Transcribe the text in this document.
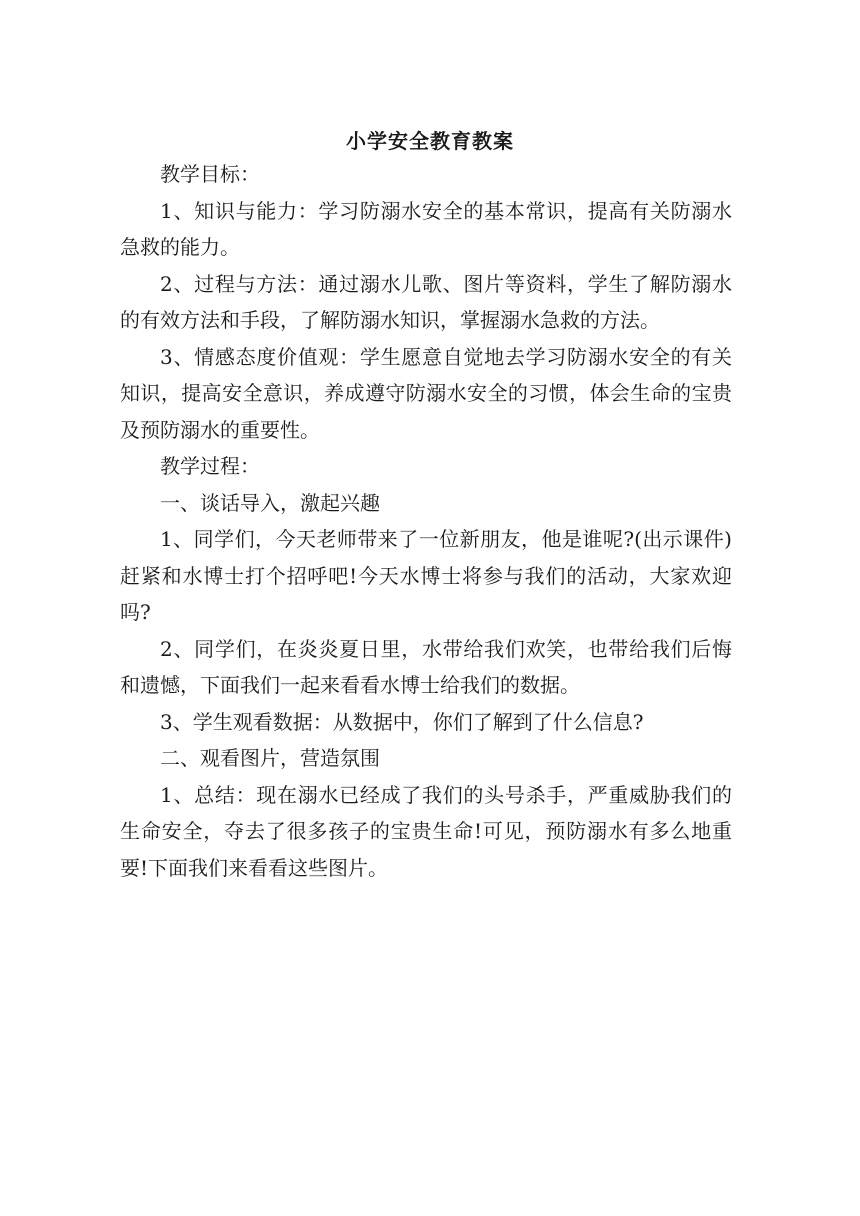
小学安全教育教案

教学目标：

1、知识与能力：学习防溺水安全的基本常识，提高有关防溺水急救的能力。

2、过程与方法：通过溺水儿歌、图片等资料，学生了解防溺水的有效方法和手段，了解防溺水知识，掌握溺水急救的方法。

3、情感态度价值观：学生愿意自觉地去学习防溺水安全的有关知识，提高安全意识，养成遵守防溺水安全的习惯，体会生命的宝贵及预防溺水的重要性。

教学过程：

一、谈话导入，激起兴趣

1、同学们，今天老师带来了一位新朋友，他是谁呢?(出示课件)赶紧和水博士打个招呼吧!今天水博士将参与我们的活动，大家欢迎吗?

2、同学们，在炎炎夏日里，水带给我们欢笑，也带给我们后悔和遗憾，下面我们一起来看看水博士给我们的数据。

3、学生观看数据：从数据中，你们了解到了什么信息?

二、观看图片，营造氛围

1、总结：现在溺水已经成了我们的头号杀手，严重威胁我们的生命安全，夺去了很多孩子的宝贵生命!可见，预防溺水有多么地重要!下面我们来看看这些图片。
